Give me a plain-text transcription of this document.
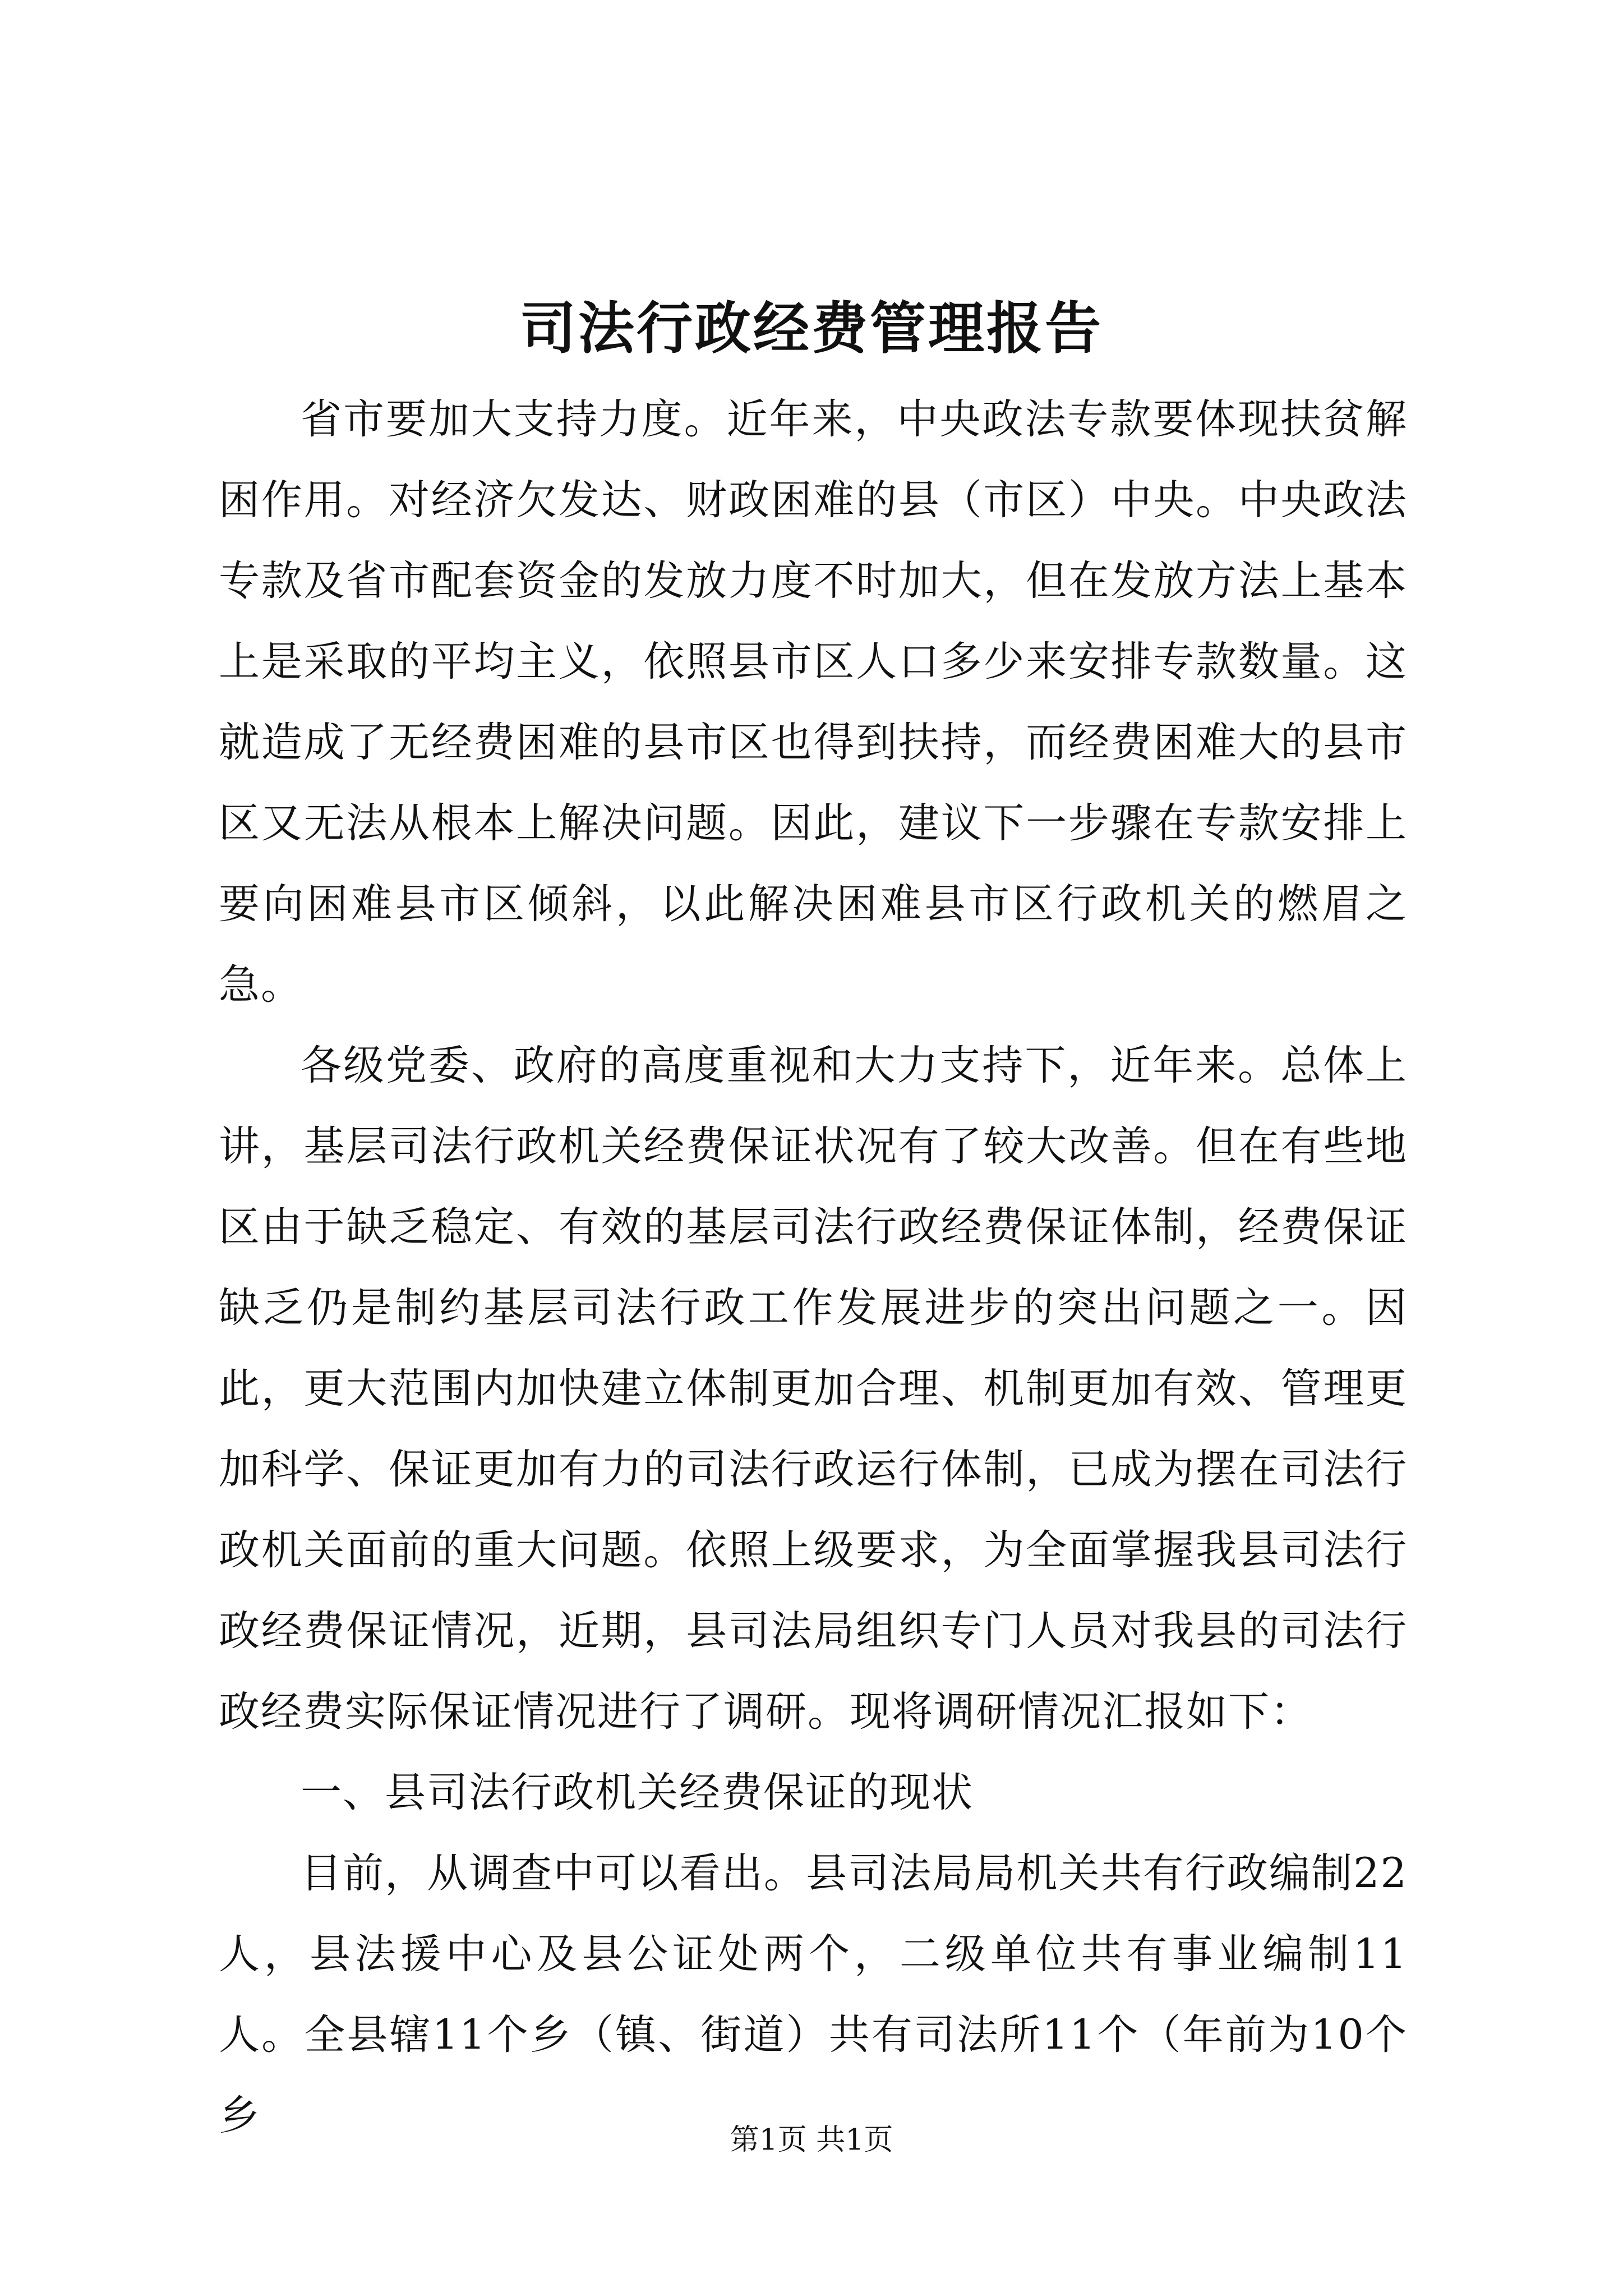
司法行政经费管理报告

省市要加大支持力度。近年来，中央政法专款要体现扶贫解困作用。对经济欠发达、财政困难的县（市区）中央。中央政法专款及省市配套资金的发放力度不时加大，但在发放方法上基本上是采取的平均主义，依照县市区人口多少来安排专款数量。这就造成了无经费困难的县市区也得到扶持，而经费困难大的县市区又无法从根本上解决问题。因此，建议下一步骤在专款安排上要向困难县市区倾斜，以此解决困难县市区行政机关的燃眉之急。

各级党委、政府的高度重视和大力支持下，近年来。总体上讲，基层司法行政机关经费保证状况有了较大改善。但在有些地区由于缺乏稳定、有效的基层司法行政经费保证体制，经费保证缺乏仍是制约基层司法行政工作发展进步的突出问题之一。因此，更大范围内加快建立体制更加合理、机制更加有效、管理更加科学、保证更加有力的司法行政运行体制，已成为摆在司法行政机关面前的重大问题。依照上级要求，为全面掌握我县司法行政经费保证情况，近期，县司法局组织专门人员对我县的司法行政经费实际保证情况进行了调研。现将调研情况汇报如下：

一、县司法行政机关经费保证的现状

目前，从调查中可以看出。县司法局局机关共有行政编制22人，县法援中心及县公证处两个，二级单位共有事业编制11人。全县辖11个乡（镇、街道）共有司法所11个（年前为10个乡

第1页 共1页
